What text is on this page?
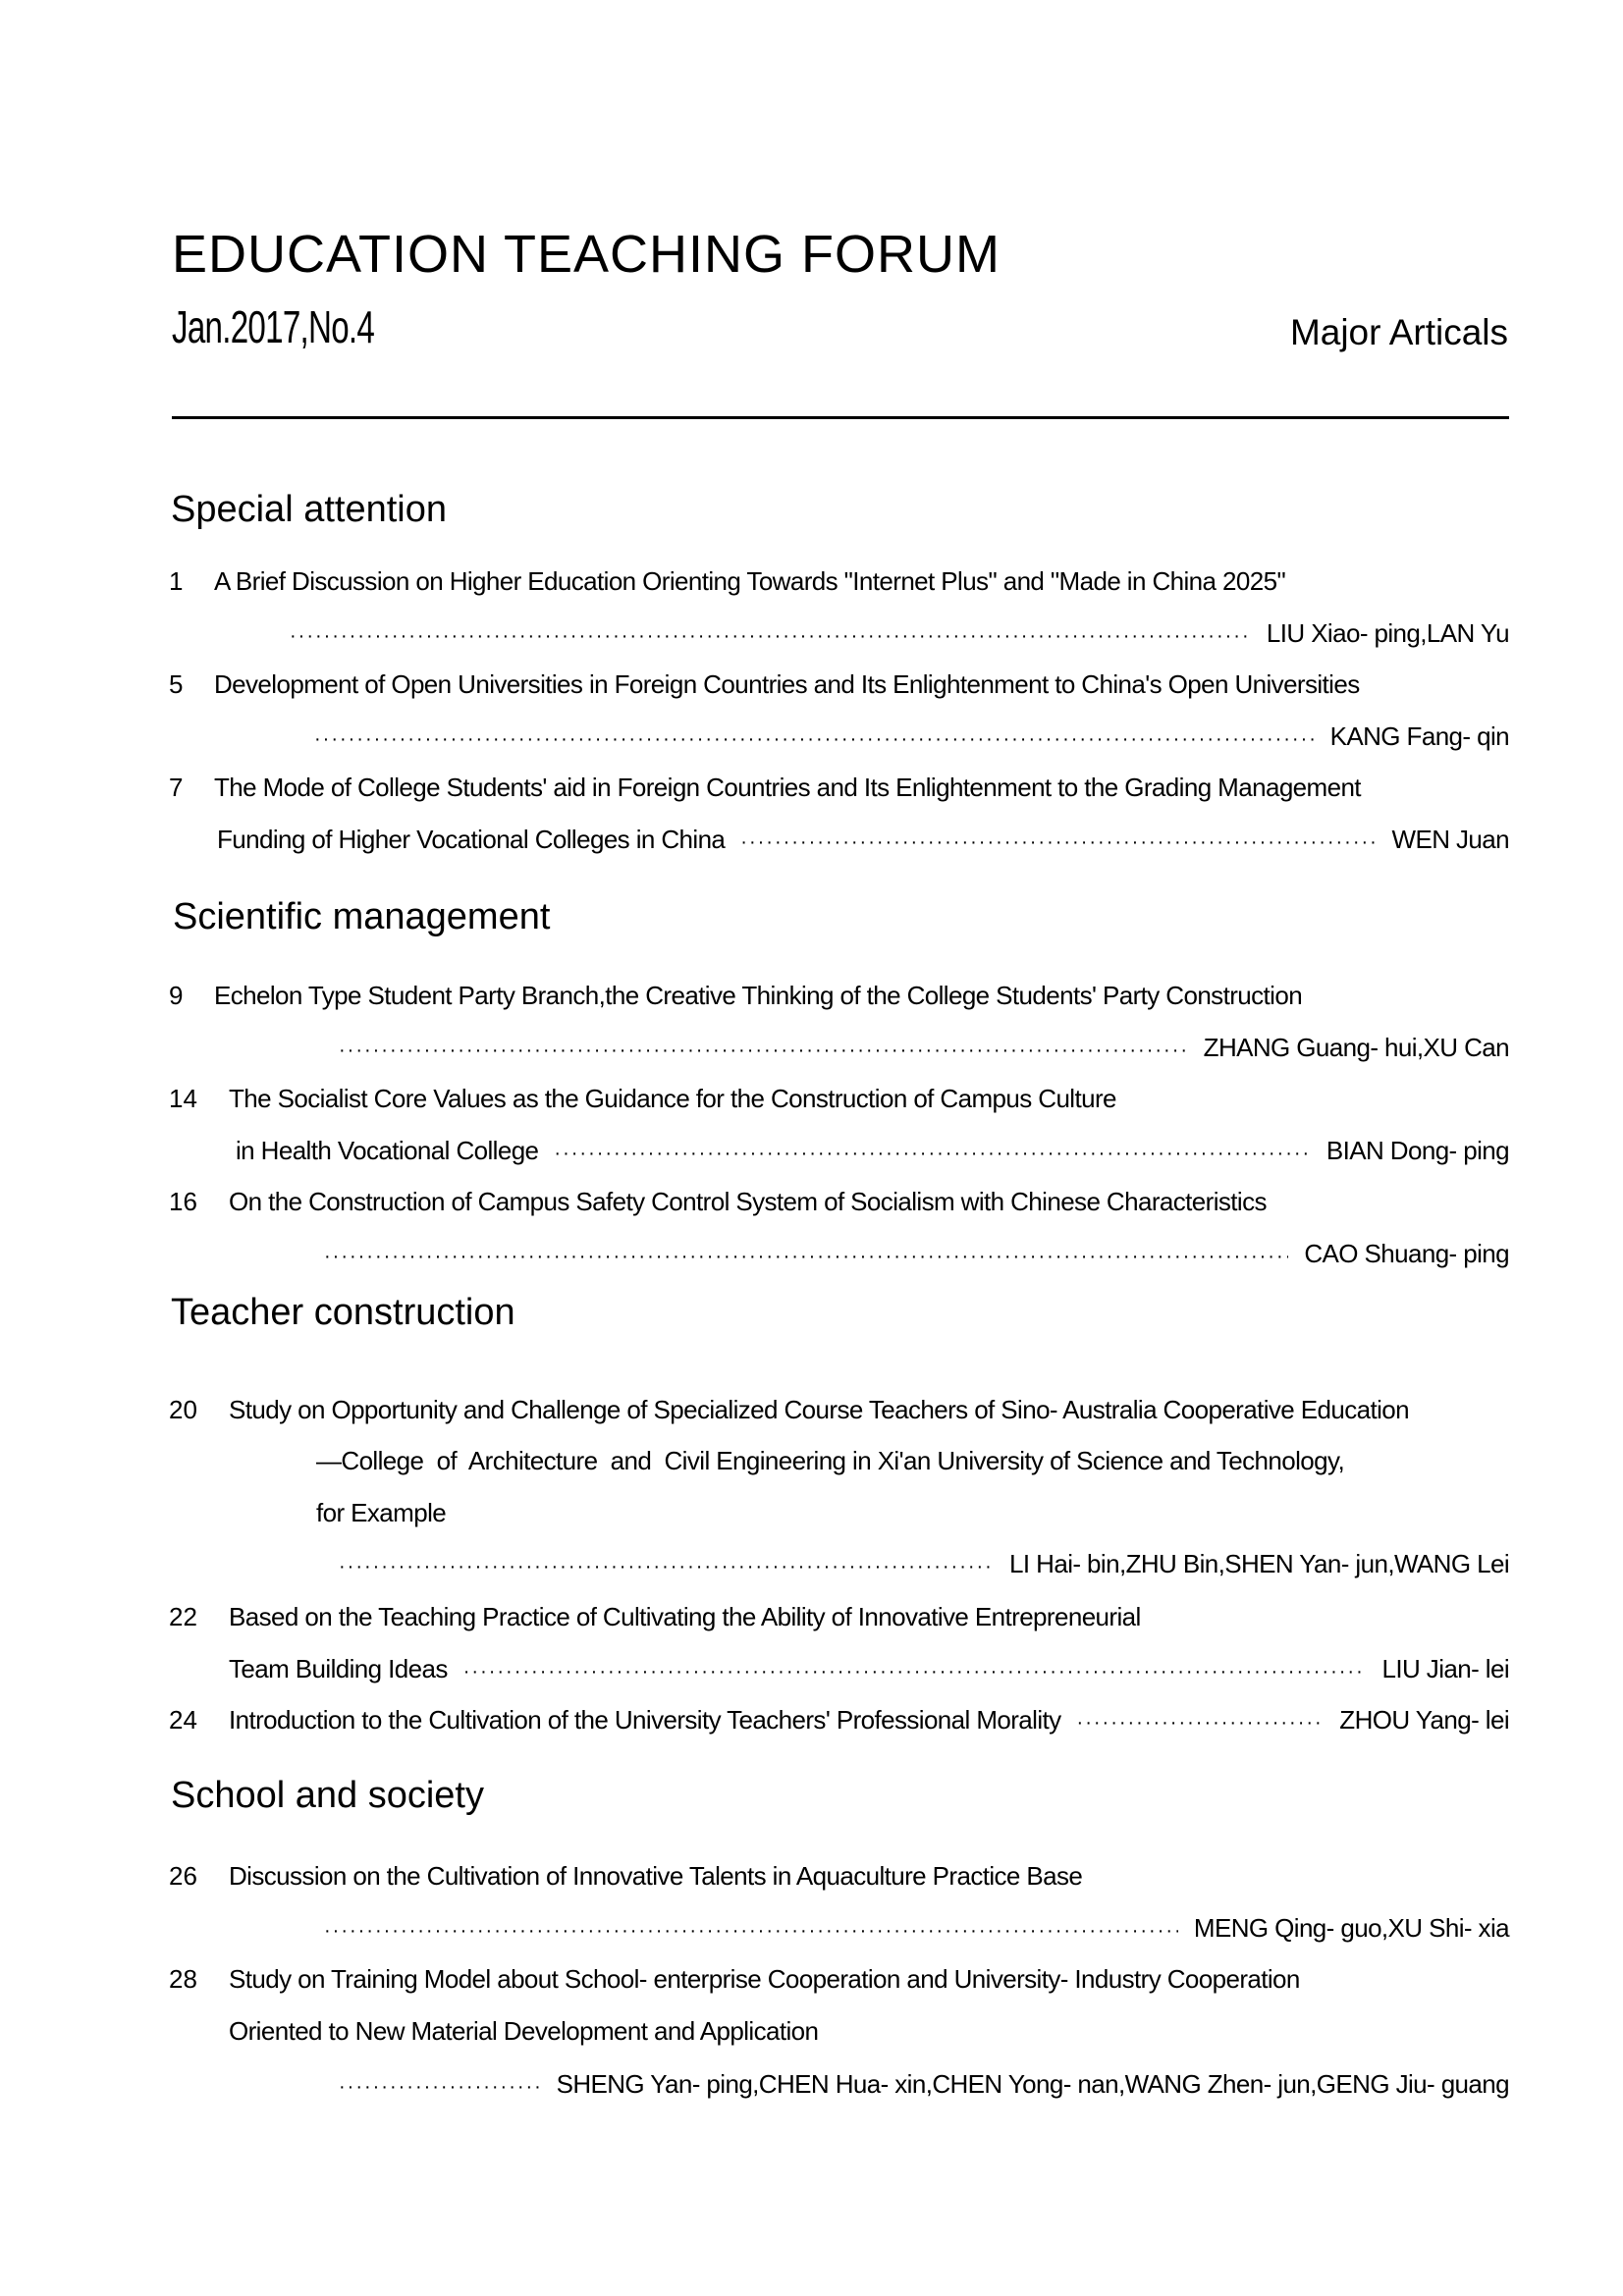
EDUCATION TEACHING FORUM
Jan.2017,No.4	Major Articals
Special attention
1 A Brief Discussion on Higher Education Orienting Towards "Internet Plus" and "Made in China 2025"
·····
LIU Xiao- ping,LAN Yu
5 Development of Open Universities in Foreign Countries and Its Enlightenment to China's Open Universities
·····
KANG Fang- qin
7 The Mode of College Students' aid in Foreign Countries and Its Enlightenment to the Grading Management
Funding of Higher Vocational Colleges in China ·····	WEN Juan
Scientific management
9 Echelon Type Student Party Branch,the Creative Thinking of the College Students' Party Construction
·····
ZHANG Guang- hui,XU Can
14 The Socialist Core Values as the Guidance for the Construction of Campus Culture
in Health Vocational College ·····	BIAN Dong- ping
16 On the Construction of Campus Safety Control System of Socialism with Chinese Characteristics
·····
CAO Shuang- ping
Teacher construction
20 Study on Opportunity and Challenge of Specialized Course Teachers of Sino- Australia Cooperative Education
—College  of  Architecture  and  Civil Engineering in Xi'an University of Science and Technology,
for Example
·····
LI Hai- bin,ZHU Bin,SHEN Yan- jun,WANG Lei
22 Based on the Teaching Practice of Cultivating the Ability of Innovative Entrepreneurial
Team Building Ideas ·····	LIU Jian- lei
24 Introduction to the Cultivation of the University Teachers' Professional Morality ·····	ZHOU Yang- lei
School and society
26 Discussion on the Cultivation of Innovative Talents in Aquaculture Practice Base
·····
MENG Qing- guo,XU Shi- xia
28 Study on Training Model about School- enterprise Cooperation and University- Industry Cooperation
Oriented to New Material Development and Application
·····
SHENG Yan- ping,CHEN Hua- xin,CHEN Yong- nan,WANG Zhen- jun,GENG Jiu- guang
